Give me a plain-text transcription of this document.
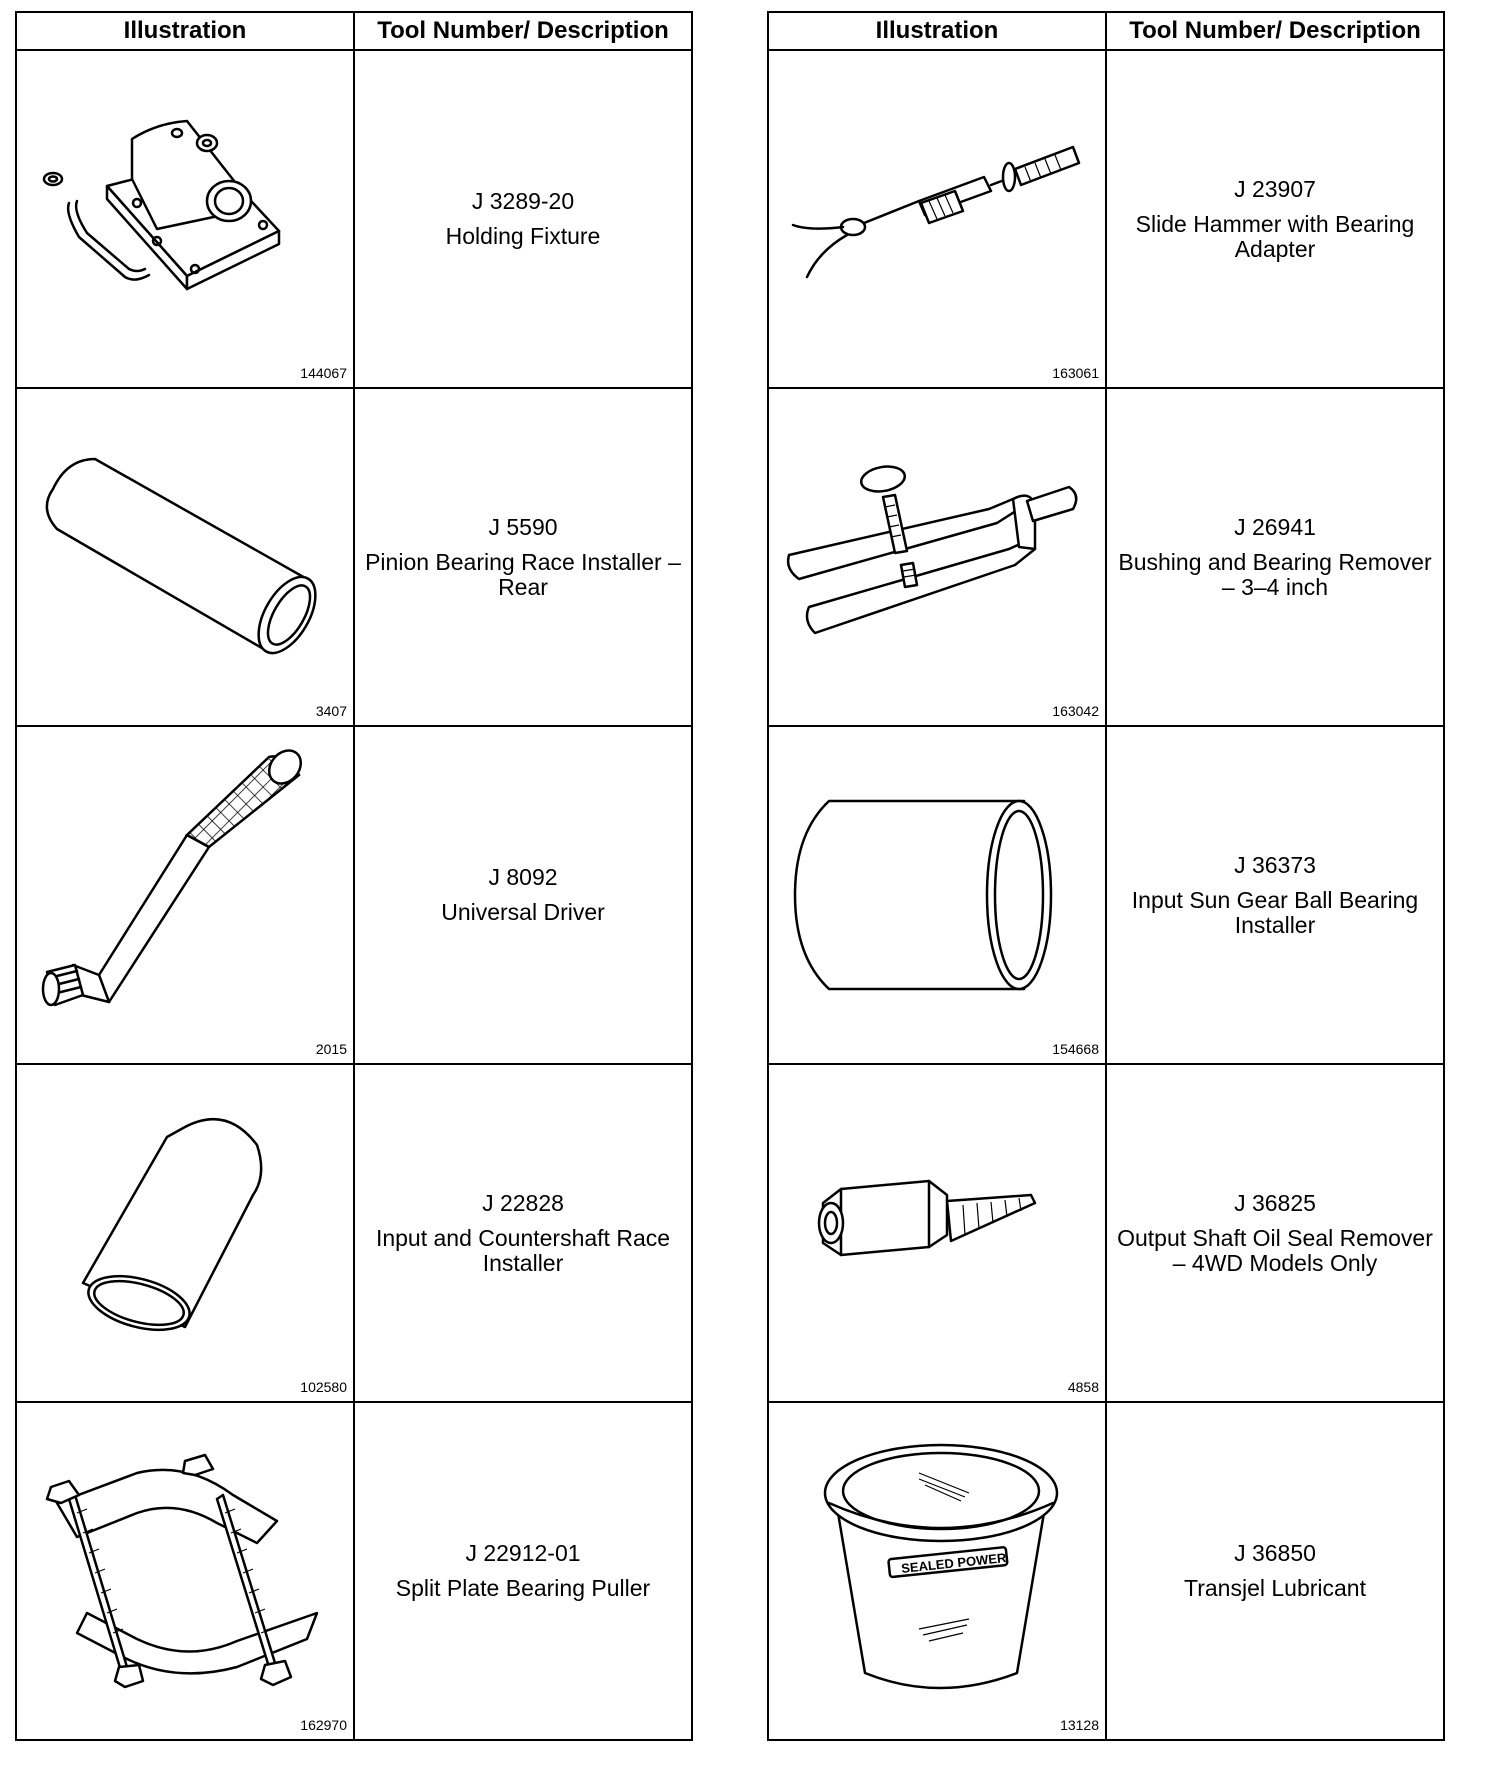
Illustration	Tool Number/ Description

144067	J 3289-20
Holding Fixture

3407	J 5590
Pinion Bearing Race Installer – Rear

2015	J 8092
Universal Driver

102580	J 22828
Input and Countershaft Race Installer

162970	J 22912-01
Split Plate Bearing Puller
Illustration	Tool Number/ Description

163061	J 23907
Slide Hammer with Bearing Adapter

163042	J 26941
Bushing and Bearing Remover – 3–4 inch

154668	J 36373
Input Sun Gear Ball Bearing Installer

4858	J 36825
Output Shaft Oil Seal Remover – 4WD Models Only

SEALED POWER
13128	J 36850
Transjel Lubricant
